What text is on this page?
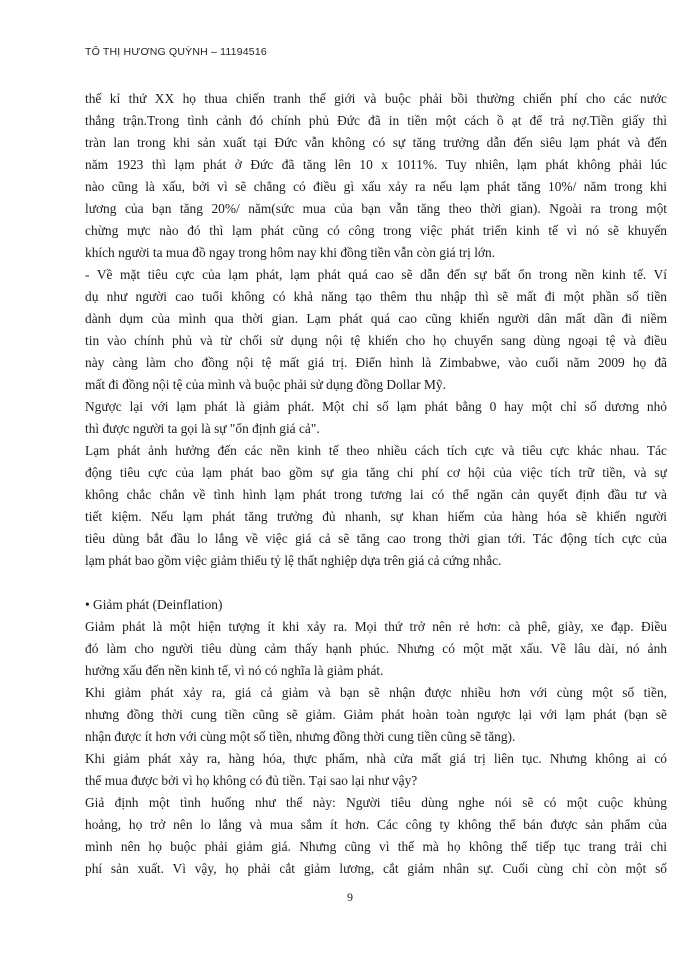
TÔ THỊ HƯƠNG QUỲNH – 11194516
thế kỉ thứ XX họ thua chiến tranh thế giới và buộc phải bồi thường chiến phí cho các nước
thắng trận.Trong tình cảnh đó chính phủ Đức đã in tiền một cách ồ ạt để trả nợ.Tiền giấy thì
tràn lan trong khi sản xuất tại Đức vẫn không có sự tăng trưởng dẫn đến siêu lạm phát và đến
năm 1923 thì lạm phát ở Đức đã tăng lên 10 x 1011%. Tuy nhiên, lạm phát không phải lúc
nào cũng là xấu, bởi vì sẽ chẳng có điều gì xấu xảy ra nếu lạm phát tăng 10%/ năm trong khi
lương của bạn tăng 20%/ năm(sức mua của bạn vẫn tăng theo thời gian). Ngoài ra trong một
chừng mực nào đó thì lạm phát cũng có công trong việc phát triển kinh tế vì nó sẽ khuyến
khích người ta mua đồ ngay trong hôm nay khi đồng tiền vẫn còn giá trị lớn.
- Về mặt tiêu cực của lạm phát, lạm phát quá cao sẽ dẫn đến sự bất ổn trong nền kinh tế. Ví
dụ như người cao tuổi không có khả năng tạo thêm thu nhập thì sẽ mất đi một phần số tiền
dành dụm của mình qua thời gian. Lạm phát quá cao cũng khiến người dân mất dần đi niềm
tin vào chính phủ và từ chối sử dụng nội tệ khiến cho họ chuyển sang dùng ngoại tệ và điều
này càng làm cho đồng nội tệ mất giá trị. Điển hình là Zimbabwe, vào cuối năm 2009 họ đã
mất đi đồng nội tệ của mình và buộc phải sử dụng đồng Dollar Mỹ.
Ngược lại với lạm phát là giảm phát. Một chỉ số lạm phát bằng 0 hay một chỉ số dương nhỏ
thì được người ta gọi là sự "ổn định giá cả".
Lạm phát ảnh hưởng đến các nền kinh tế theo nhiều cách tích cực và tiêu cực khác nhau. Tác
động tiêu cực của lạm phát bao gồm sự gia tăng chi phí cơ hội của việc tích trữ tiền, và sự
không chắc chắn về tình hình lạm phát trong tương lai có thể ngăn cản quyết định đầu tư và
tiết kiệm. Nếu lạm phát tăng trưởng đủ nhanh, sự khan hiếm của hàng hóa sẽ khiến người
tiêu dùng bắt đầu lo lắng về việc giá cả sẽ tăng cao trong thời gian tới. Tác động tích cực của
lạm phát bao gồm việc giảm thiểu tỷ lệ thất nghiệp dựa trên giá cả cứng nhắc.
• Giảm phát (Deinflation)
Giảm phát là một hiện tượng ít khi xảy ra. Mọi thứ trở nên rẻ hơn: cà phê, giày, xe đạp. Điều
đó làm cho người tiêu dùng cảm thấy hạnh phúc. Nhưng có một mặt xấu. Về lâu dài, nó ảnh
hưởng xấu đến nền kinh tế, vì nó có nghĩa là giảm phát.
Khi giảm phát xảy ra, giá cả giảm và bạn sẽ nhận được nhiều hơn với cùng một số tiền,
nhưng đồng thời cung tiền cũng sẽ giảm. Giảm phát hoàn toàn ngược lại với lạm phát (bạn sẽ
nhận được ít hơn với cùng một số tiền, nhưng đồng thời cung tiền cũng sẽ tăng).
Khi giảm phát xảy ra, hàng hóa, thực phẩm, nhà cửa mất giá trị liên tục. Nhưng không ai có
thể mua được bởi vì họ không có đủ tiền. Tại sao lại như vậy?
Giả định một tình huống như thế này: Người tiêu dùng nghe nói sẽ có một cuộc khủng
hoảng, họ trở nên lo lắng và mua sắm ít hơn. Các công ty không thể bán được sản phẩm của
mình nên họ buộc phải giảm giá. Nhưng cũng vì thế mà họ không thể tiếp tục trang trải chi
phí sản xuất. Vì vậy, họ phải cắt giảm lương, cắt giảm nhân sự. Cuối cùng chỉ còn một số
9
